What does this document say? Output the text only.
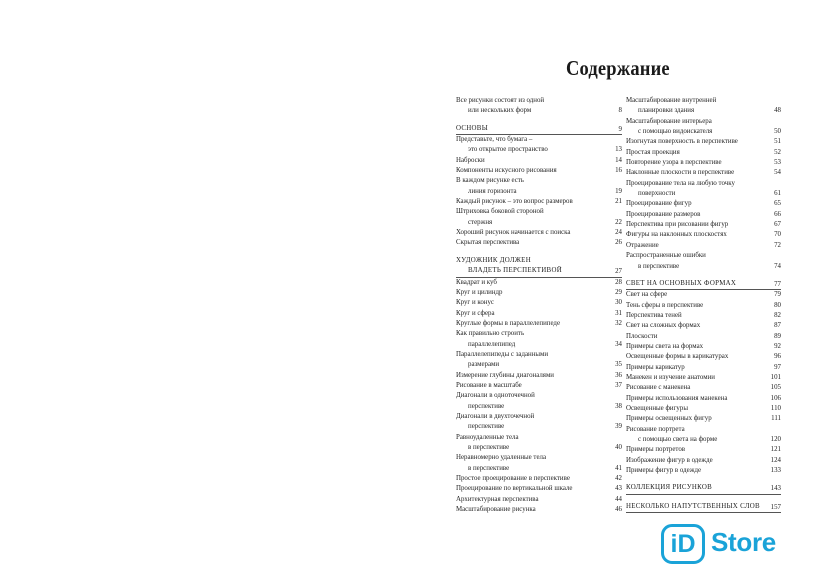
Содержание
Все рисунки состоят из одной
или нескольких форм	8
ОСНОВЫ	9
Представьте, что бумага –
это открытое пространство	13
Наброски	14
Компоненты искусного рисования	16
В каждом рисунке есть
линия горизонта	19
Каждый рисунок – это вопрос размеров	21
Штриховка боковой стороной
стержня	22
Хороший рисунок начинается с поиска	24
Скрытая перспектива	26
ХУДОЖНИК ДОЛЖЕН
ВЛАДЕТЬ ПЕРСПЕКТИВОЙ	27
Квадрат и куб	28
Круг и цилиндр	29
Круг и конус	30
Круг и сфера	31
Круглые формы в параллелепипеде	32
Как правильно строить
параллелепипед	34
Параллелепипеды с заданными
размерами	35
Измерение глубины диагоналями	36
Рисование в масштабе	37
Диагонали в одноточечной
перспективе	38
Диагонали в двухточечной
перспективе	39
Равноудаленные тела
в перспективе	40
Неравномерно удаленные тела
в перспективе	41
Простое проецирование в перспективе	42
Проецирование по вертикальной шкале	43
Архитектурная перспектива	44
Масштабирование рисунка	46
Масштабирование внутренней
планировки здания	48
Масштабирование интерьера
с помощью видоискателя	50
Изогнутая поверхность в перспективе	51
Простая проекция	52
Повторение узора в перспективе	53
Наклонные плоскости в перспективе	54
Проецирование тела на любую точку
поверхности	61
Проецирование фигур	65
Проецирование размеров	66
Перспектива при рисовании фигур	67
Фигуры на наклонных плоскостях	70
Отражение	72
Распространенные ошибки
в перспективе	74
СВЕТ НА ОСНОВНЫХ ФОРМАХ	77
Свет на сфере	79
Тень сферы в перспективе	80
Перспектива теней	82
Свет на сложных формах	87
Плоскости	89
Примеры света на формах	92
Освещенные формы в карикатурах	96
Примеры карикатур	97
Манекен и изучение анатомии	101
Рисование с манекена	105
Примеры использования манекена	106
Освещенные фигуры	110
Примеры освещенных фигур	111
Рисование портрета
с помощью света на форме	120
Примеры портретов	121
Изображение фигур в одежде	124
Примеры фигур в одежде	133
КОЛЛЕКЦИЯ РИСУНКОВ	143
НЕСКОЛЬКО НАПУТСТВЕННЫХ СЛОВ	157
iD Store
